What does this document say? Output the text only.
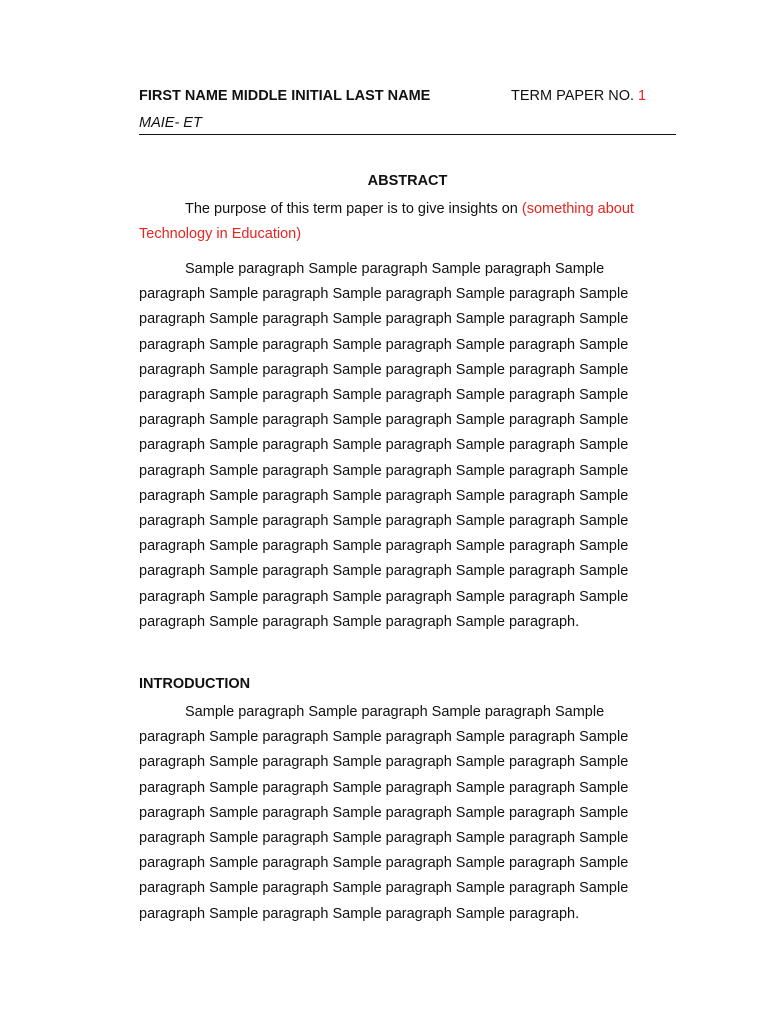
FIRST NAME MIDDLE INITIAL LAST NAME	TERM PAPER NO. 1
MAIE- ET
ABSTRACT
The purpose of this term paper is to give insights on (something about
Technology in Education)
Sample paragraph Sample paragraph Sample paragraph Sample
paragraph Sample paragraph Sample paragraph Sample paragraph Sample
paragraph Sample paragraph Sample paragraph Sample paragraph Sample
paragraph Sample paragraph Sample paragraph Sample paragraph Sample
paragraph Sample paragraph Sample paragraph Sample paragraph Sample
paragraph Sample paragraph Sample paragraph Sample paragraph Sample
paragraph Sample paragraph Sample paragraph Sample paragraph Sample
paragraph Sample paragraph Sample paragraph Sample paragraph Sample
paragraph Sample paragraph Sample paragraph Sample paragraph Sample
paragraph Sample paragraph Sample paragraph Sample paragraph Sample
paragraph Sample paragraph Sample paragraph Sample paragraph Sample
paragraph Sample paragraph Sample paragraph Sample paragraph Sample
paragraph Sample paragraph Sample paragraph Sample paragraph Sample
paragraph Sample paragraph Sample paragraph Sample paragraph Sample
paragraph Sample paragraph Sample paragraph Sample paragraph.
INTRODUCTION
Sample paragraph Sample paragraph Sample paragraph Sample
paragraph Sample paragraph Sample paragraph Sample paragraph Sample
paragraph Sample paragraph Sample paragraph Sample paragraph Sample
paragraph Sample paragraph Sample paragraph Sample paragraph Sample
paragraph Sample paragraph Sample paragraph Sample paragraph Sample
paragraph Sample paragraph Sample paragraph Sample paragraph Sample
paragraph Sample paragraph Sample paragraph Sample paragraph Sample
paragraph Sample paragraph Sample paragraph Sample paragraph Sample
paragraph Sample paragraph Sample paragraph Sample paragraph.
